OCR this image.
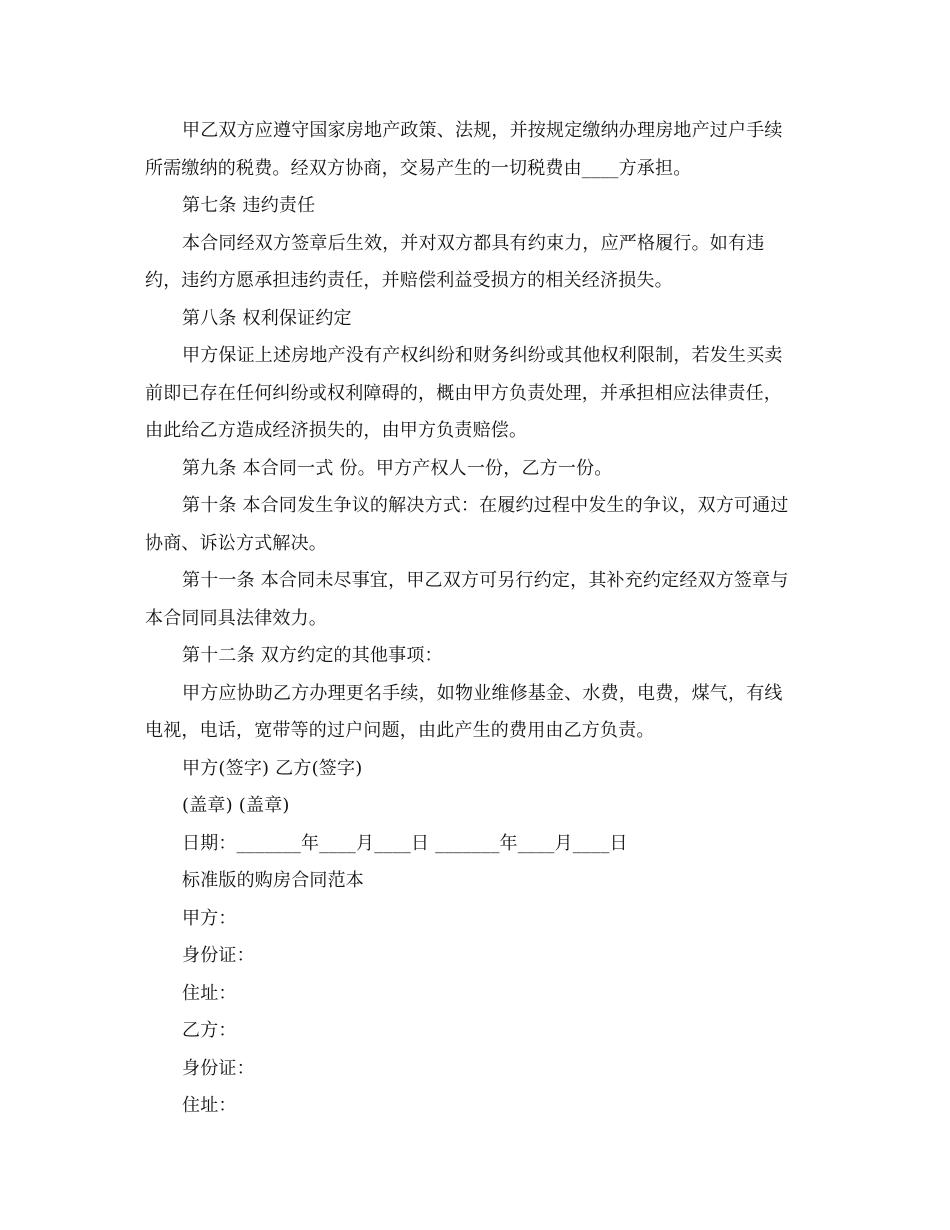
甲乙双方应遵守国家房地产政策、法规，并按规定缴纳办理房地产过户手续
所需缴纳的税费。经双方协商，交易产生的一切税费由____方承担。
第七条 违约责任
本合同经双方签章后生效，并对双方都具有约束力，应严格履行。如有违
约，违约方愿承担违约责任，并赔偿利益受损方的相关经济损失。
第八条 权利保证约定
甲方保证上述房地产没有产权纠纷和财务纠纷或其他权利限制，若发生买卖
前即已存在任何纠纷或权利障碍的，概由甲方负责处理，并承担相应法律责任，
由此给乙方造成经济损失的，由甲方负责赔偿。
第九条 本合同一式 份。甲方产权人一份，乙方一份。
第十条 本合同发生争议的解决方式：在履约过程中发生的争议，双方可通过
协商、诉讼方式解决。
第十一条 本合同未尽事宜，甲乙双方可另行约定，其补充约定经双方签章与
本合同同具法律效力。
第十二条 双方约定的其他事项：
甲方应协助乙方办理更名手续，如物业维修基金、水费，电费，煤气，有线
电视，电话，宽带等的过户问题，由此产生的费用由乙方负责。
甲方(签字) 乙方(签字)
(盖章) (盖章)
日期：_______年____月____日 _______年____月____日
标准版的购房合同范本
甲方：
身份证：
住址：
乙方：
身份证：
住址：
